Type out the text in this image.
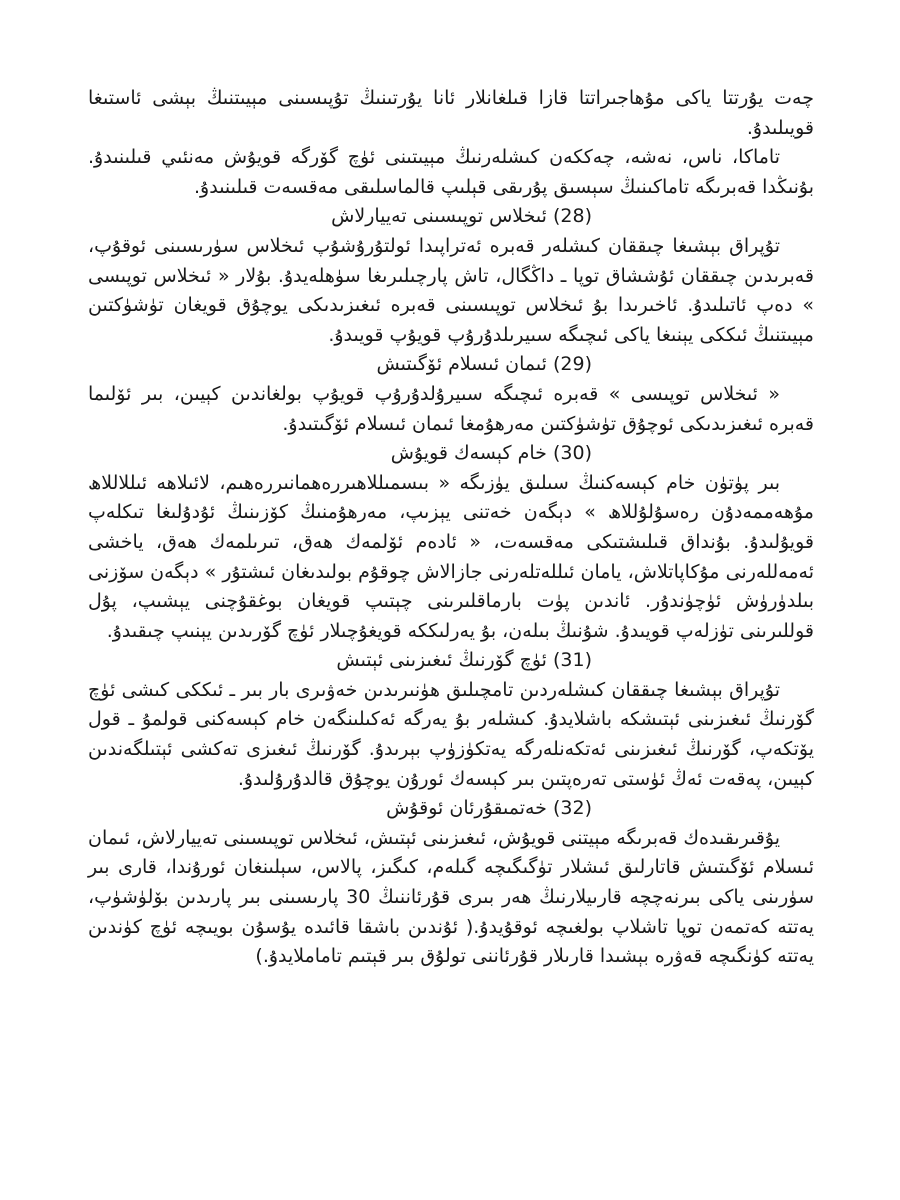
چەت يۇرتتا ياكى مۇھاجىراتتا قازا قىلغانلار ئانا يۇرتىنىڭ تۇپىسىنى مېيىتنىڭ بېشى ئاستىغا قويىلىدۇ.

تاماكا، ناس، نەشە، چەككەن كىشلەرنىڭ مېيىتىنى ئۈچ گۆرگە قويۇش مەنئىي قىلىنىدۇ. بۇنىڭدا قەبرىگە تاماكىنىڭ سېسىق پۇرىقى قېلىپ قالماسلىقى مەقسەت قىلىنىدۇ.

(28) ئىخلاس توپىسىنى تەييارلاش

تۇپراق بېشىغا چىققان كىشلەر قەبرە ئەتراپىدا ئولتۇرۇشۇپ ئىخلاس سۈرىسىنى ئوقۇپ، قەبرىدىن چىققان ئۇششاق توپا ـ داڭگال، تاش پارچىلىرىغا سۈھلەيدۇ. بۇلار « ئىخلاس توپىسى » دەپ ئاتىلىدۇ. ئاخىرىدا بۇ ئىخلاس توپىسىنى قەبرە ئىغىزىدىكى يوچۇق قويغان تۈشۈكتىن مېيىتنىڭ ئىككى يېنىغا ياكى ئىچىگە سىيرىلدۇرۇپ قويۇپ قويىدۇ.

(29) ئىمان ئىسلام ئۆگىتىش

« ئىخلاس توپىسى » قەبرە ئىچىگە سىيرۇلدۇرۇپ قويۇپ بولغاندىن كېيىن، بىر ئۆلىما قەبرە ئىغىزىدىكى ئوچۇق تۈشۈكتىن مەرھۇمغا ئىمان ئىسلام ئۆگىتىدۇ.

(30) خام كېسەك قويۇش

بىر پۈتۈن خام كېسەكنىڭ سىلىق يۈزىگە « بىسمىللاھىررەھمانىررەھىم، لائىلاھە ئىللاللاھ مۇھەممەدۇن رەسۇلۇللاھ » دېگەن خەتنى يېزىپ، مەرھۇمنىڭ كۆزىنىڭ ئۇدۇلىغا تىكلەپ قويۇلىدۇ. بۇنداق قىلىشتىكى مەقسەت، « ئادەم ئۆلمەك ھەق، تىرىلمەك ھەق، ياخشى ئەمەللەرنى مۇكاپاتلاش، يامان ئىللەتلەرنى جازالاش چوقۇم بولىدىغان ئىشتۇر » دېگەن سۆزنى بىلدۈرۈش ئۈچۈندۇر. ئاندىن پۈت بارماقلىرىنى چېتىپ قويغان بوغقۇچنى يېشىپ، پۇل قوللىرىنى تۈزلەپ قويىدۇ. شۇنىڭ بىلەن، بۇ يەرلىككە قويغۇچىلار ئۈچ گۆرىدىن يېنىپ چىقىدۇ.

(31) ئۈچ گۆرنىڭ ئىغىزىنى ئېتىش

تۇپراق بېشىغا چىققان كىشلەردىن تامچىلىق ھۈنىرىدىن خەۋىرى بار بىر ـ ئىككى كىشى ئۈچ گۆرنىڭ ئىغىزىنى ئېتىشكە باشلايدۇ. كىشلەر بۇ يەرگە ئەكىلىنگەن خام كېسەكنى قولمۇ ـ قول يۆتكەپ، گۆرنىڭ ئىغىزىنى ئەتكەنلەرگە يەتكۈزۈپ بېرىدۇ. گۆرنىڭ ئىغىزى تەكشى ئېتىلگەندىن كېيىن، پەقەت ئەڭ ئۈستى تەرەپتىن بىر كېسەك ئورۇن يوچۇق قالدۇرۇلىدۇ.

(32) خەتمىقۇرئان ئوقۇش

يۇقىرىقىدەك قەبرىگە مېيتنى قويۇش، ئىغىزىنى ئېتىش، ئىخلاس توپىسىنى تەييارلاش، ئىمان ئىسلام ئۆگىتىش قاتارلىق ئىشلار تۈگىگىچە گىلەم، كىگىز، پالاس، سېلىنغان ئورۇندا، قارى بىر سۈرىنى ياكى بىرنەچچە قارىيلارنىڭ ھەر بىرى قۇرئاننىڭ 30 پارىسىنى بىر پارىدىن بۆلۈشۈپ، يەتتە كەتمەن توپا تاشلاپ بولغىچە ئوقۇيدۇ.( ئۇندىن باشقا قائىدە يۇسۇن بويىچە ئۈچ كۈندىن يەتتە كۈنگىچە قەۋرە بېشىدا قارىلار قۇرئاننى تولۇق بىر قېتىم تاماملايدۇ.)
